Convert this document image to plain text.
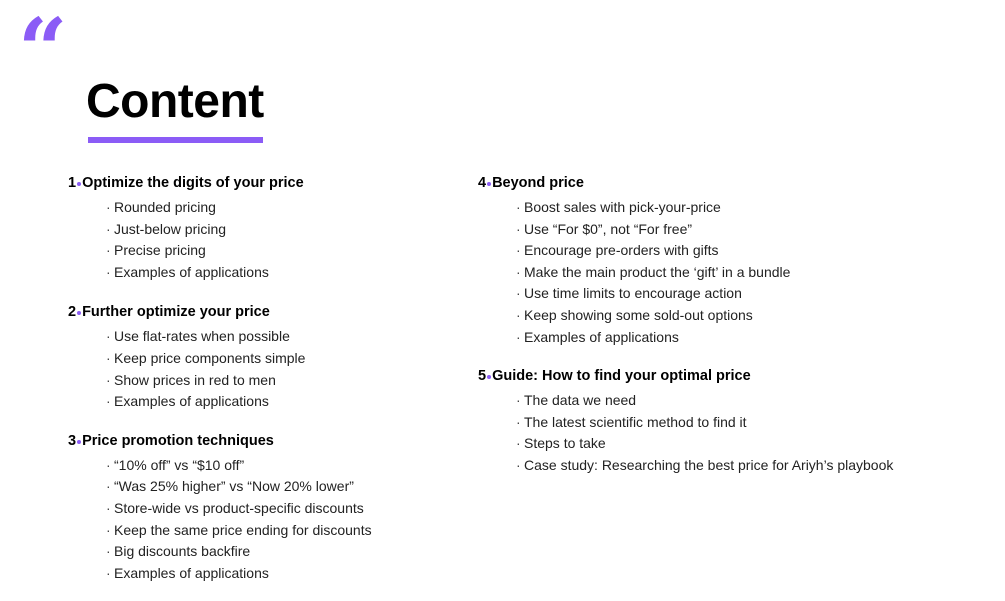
“
Content
1 Optimize the digits of your price
· Rounded pricing
· Just-below pricing
· Precise pricing
· Examples of applications
2 Further optimize your price
· Use flat-rates when possible
· Keep price components simple
· Show prices in red to men
· Examples of applications
3 Price promotion techniques
· “10% off” vs “$10 off”
· “Was 25% higher” vs “Now 20% lower”
· Store-wide vs product-specific discounts
· Keep the same price ending for discounts
· Big discounts backfire
· Examples of applications
4 Beyond price
· Boost sales with pick-your-price
· Use “For $0”, not “For free”
· Encourage pre-orders with gifts
· Make the main product the ‘gift’ in a bundle
· Use time limits to encourage action
· Keep showing some sold-out options
· Examples of applications
5 Guide: How to find your optimal price
· The data we need
· The latest scientific method to find it
· Steps to take
· Case study: Researching the best price for Ariyh’s playbook
